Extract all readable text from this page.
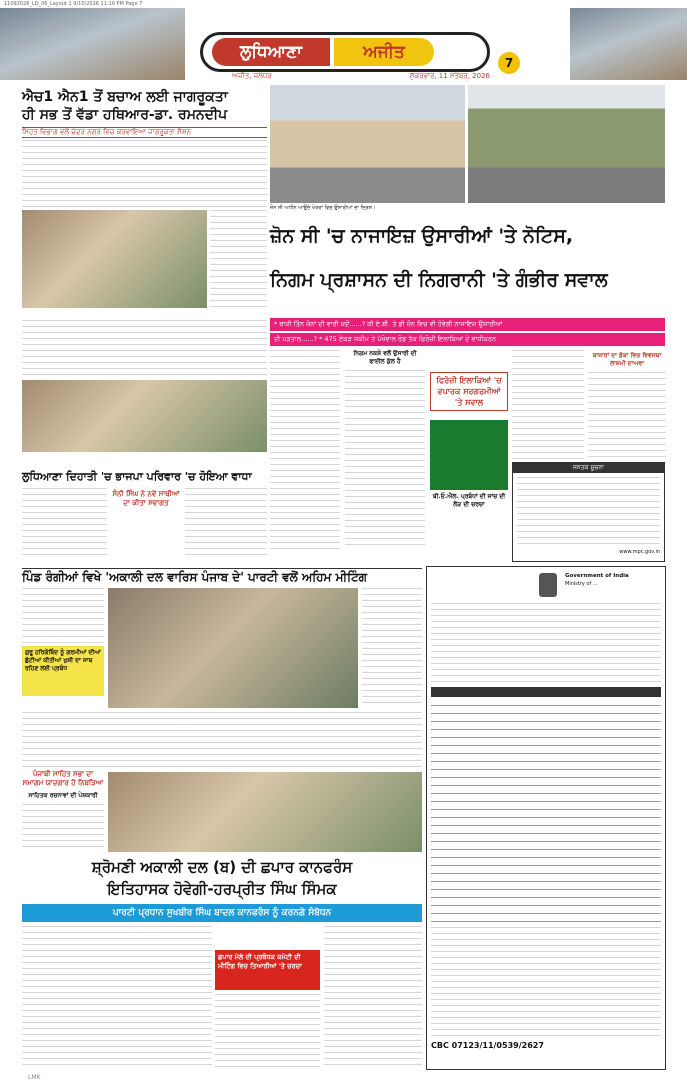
11092026_LD_06_Layout 1 9/10/2026 11:10 PM Page 7
ਲੁਧਿਆਣਾ	ਅਜੀਤ
7
ਅਜੀਤ, ਜਲੰਧਰ	ਸ਼ੁੱਕਰਵਾਰ, 11 ਸਤੰਬਰ, 2026
ਐਚ1 ਐਨ1 ਤੋਂ ਬਚਾਅ ਲਈ ਜਾਗਰੂਕਤਾ
ਹੀ ਸਭ ਤੋਂ ਵੱਡਾ ਹਥਿਆਰ-ਡਾ. ਰਮਨਦੀਪ
ਸਿਹਤ ਵਿਭਾਗ ਵਲੋਂ ਚੰਦਰ ਨਗਰ ਵਿਚ ਕਰਵਾਇਆ ਜਾਗਰੂਕਤਾ ਸੈਸ਼ਨ
ਜ਼ੋਨ ਸੀ ਅਧੀਨ ਆਉਂਦੇ ਖੇਤਰਾਂ ਵਿਚ ਉਸਾਰੀਆਂ ਦਾ ਦ੍ਰਿਸ਼।
ਜ਼ੋਨ ਸੀ 'ਚ ਨਾਜਾਇਜ਼ ਉਸਾਰੀਆਂ 'ਤੇ ਨੋਟਿਸ,
ਨਿਗਮ ਪ੍ਰਸ਼ਾਸਨ ਦੀ ਨਿਗਰਾਨੀ 'ਤੇ ਗੰਭੀਰ ਸਵਾਲ
* ਬਾਕੀ ਤਿੰਨ ਜ਼ੋਨਾਂ ਦੀ ਵਾਰੀ ਕਦੋਂ......? ਕੀ ਏ.ਬੀ. ਤੇ ਡੀ ਜ਼ੋਨ ਵਿਚ ਵੀ ਹੋਵੇਗੀ ਨਾਜਾਇਜ਼ ਉਸਾਰੀਆਂ
ਦੀ ਪੜਤਾਲ......? * 475 ਏਕੜ ਸਕੀਮ ਤੇ ਪੱਖੋਵਾਲ ਰੋਡ ਤੱਕ ਫਿਰੋਜ਼ੀ ਇਲਾਕਿਆਂ ਦੇ ਵਾਧੀਕਰਨ
ਨਿਗਮ ਨਕਸ਼ੇ ਵਲੋਂ ਉਸਾਰੀ ਦੀ ਫਾਈਲ ਕੁੱਲ ਹੈ
ਫਿਰੋਜ਼ੀ ਇਲਾਕਿਆਂ 'ਚ ਵਪਾਰਕ ਸਰਗਰਮੀਆਂ 'ਤੇ ਸਵਾਲ
ਬੀ.ਓ.ਐਲ. ਪ੍ਰਬੰਧਾਂ ਦੀ ਜਾਂਚ ਦੀ ਲੋੜ ਦੀ ਚਰਚਾ
ਬਾਜ਼ਾਰਾਂ ਦਾ ਡੱਬਾ ਵਿਚ ਵਿਵਸਥਾ ਲਾਜ਼ਮੀ ਦਾਅਵਾ
ਜਨਤਕ ਸੂਚਨਾ
www.mpc.gov.in
ਲੁਧਿਆਣਾ ਦਿਹਾਤੀ 'ਚ ਭਾਜਪਾ ਪਰਿਵਾਰ 'ਚ ਹੋਇਆ ਵਾਧਾ
ਸੰਨੀ ਸਿੰਘ ਨੇ ਨਵੇਂ ਸਾਥੀਆਂ ਦਾ ਕੀਤਾ ਸਵਾਗਤ
ਪਿੰਡ ਰੰਗੀਆਂ ਵਿਖੇ 'ਅਕਾਲੀ ਦਲ ਵਾਰਿਸ ਪੰਜਾਬ ਦੇ' ਪਾਰਟੀ ਵਲੋਂ ਅਹਿਮ ਮੀਟਿੰਗ
ਗੁਰੂ ਹਰਿਗੋਬਿੰਦ ਨੂੰ ਗਰਮੀਆਂ ਦੀਆਂ ਛੁੱਟੀਆਂ ਕੀਤੀਆਂ ਖੁਸ਼ੀ ਦਾ ਸਾਥ ਰਹਿਣ ਲਈ ਪ੍ਰਬੰਧ
ਪੰਜਾਬੀ ਸਾਹਿਤ ਸਭਾ ਦਾ ਸਮਾਗਮ ਯਾਦਗਾਰ ਹੋ ਨਿਬੜਿਆ
ਸਾਹਿਤਕ ਰਚਨਾਵਾਂ ਦੀ ਪੇਸ਼ਕਾਰੀ
ਸ਼੍ਰੋਮਣੀ ਅਕਾਲੀ ਦਲ (ਬ) ਦੀ ਛਪਾਰ ਕਾਨਫਰੰਸ
ਇਤਿਹਾਸਕ ਹੋਵੇਗੀ-ਹਰਪ੍ਰੀਤ ਸਿੰਘ ਸਿੰਮਕ
ਪਾਰਟੀ ਪ੍ਰਧਾਨ ਸੁਖਬੀਰ ਸਿੰਘ ਬਾਦਲ ਕਾਨਫਰੰਸ ਨੂੰ ਕਰਨਗੇ ਸੰਬੋਧਨ
ਛਪਾਰ ਮੇਲੇ ਦੀ ਪ੍ਰਬੰਧਕ ਕਮੇਟੀ ਦੀ ਮੀਟਿੰਗ ਵਿਚ ਤਿਆਰੀਆਂ 'ਤੇ ਚਰਚਾ
Government of India
Ministry of ...
CBC 07123/11/0539/2627
LMK
